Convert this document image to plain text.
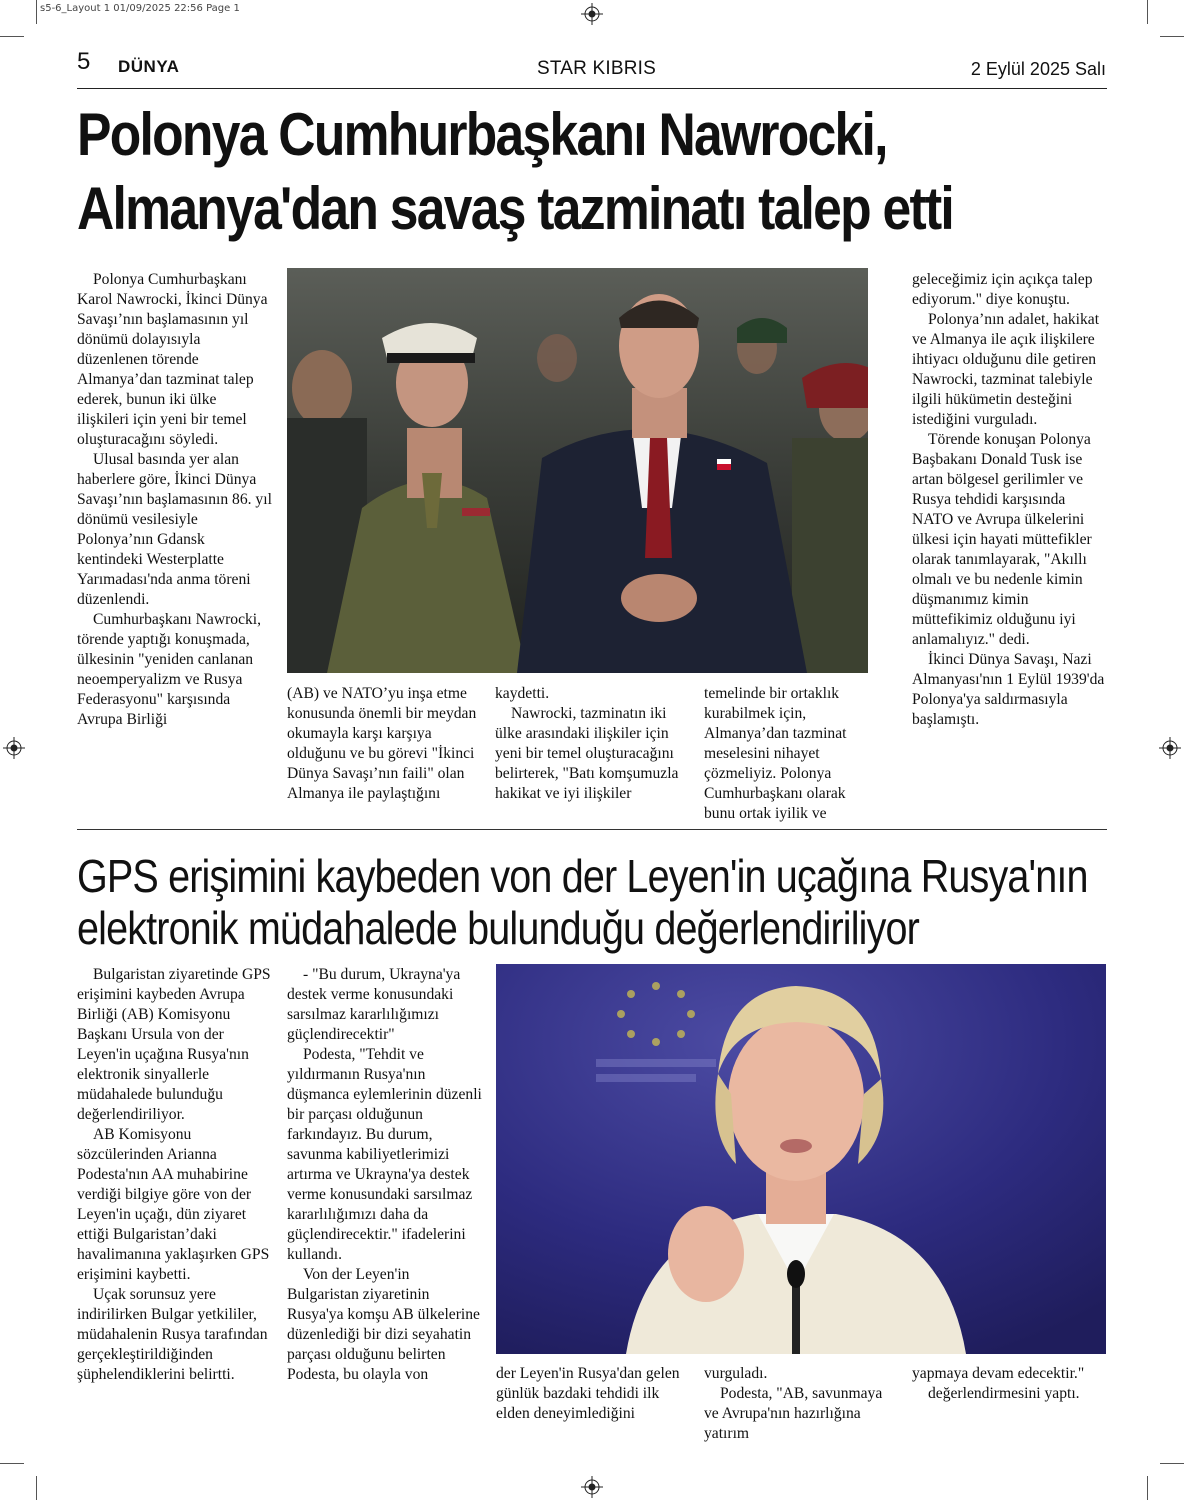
s5-6_Layout 1 01/09/2025 22:56 Page 1
5 DÜNYA	STAR KIBRIS	2 Eylül 2025 Salı
Polonya Cumhurbaşkanı Nawrocki,
Almanya'dan savaş tazminatı talep etti

Polonya Cumhurbaşkanı Karol Nawrocki, İkinci Dünya Savaşı’nın başlamasının yıl dönümü dolayısıyla düzenlenen törende Almanya’dan tazminat talep ederek, bunun iki ülke ilişkileri için yeni bir temel oluşturacağını söyledi.

Ulusal basında yer alan haberlere göre, İkinci Dünya Savaşı’nın başlamasının 86. yıl dönümü vesilesiyle Polonya’nın Gdansk kentindeki Westerplatte Yarımadası'nda anma töreni düzenlendi.

Cumhurbaşkanı Nawrocki, törende yaptığı konuşmada, ülkesinin "yeniden canlanan neoemperyalizm ve Rusya Federasyonu" karşısında Avrupa Birliği

(AB) ve NATO’yu inşa etme konusunda önemli bir meydan okumayla karşı karşıya olduğunu ve bu görevi "İkinci Dünya Savaşı’nın faili" olan Almanya ile paylaştığını

kaydetti.

Nawrocki, tazminatın iki ülke arasındaki ilişkiler için yeni bir temel oluşturacağını belirterek, "Batı komşumuzla hakikat ve iyi ilişkiler

temelinde bir ortaklık kurabilmek için, Almanya’dan tazminat meselesini nihayet çözmeliyiz. Polonya Cumhurbaşkanı olarak bunu ortak iyilik ve

geleceğimiz için açıkça talep ediyorum." diye konuştu.

Polonya’nın adalet, hakikat ve Almanya ile açık ilişkilere ihtiyacı olduğunu dile getiren Nawrocki, tazminat talebiyle ilgili hükümetin desteğini istediğini vurguladı.

Törende konuşan Polonya Başbakanı Donald Tusk ise artan bölgesel gerilimler ve Rusya tehdidi karşısında NATO ve Avrupa ülkelerini ülkesi için hayati müttefikler olarak tanımlayarak, "Akıllı olmalı ve bu nedenle kimin düşmanımız kimin müttefikimiz olduğunu iyi anlamalıyız." dedi.

İkinci Dünya Savaşı, Nazi Almanyası'nın 1 Eylül 1939'da Polonya'ya saldırmasıyla başlamıştı.

GPS erişimini kaybeden von der Leyen'in uçağına Rusya'nın
elektronik müdahalede bulunduğu değerlendiriliyor

Bulgaristan ziyaretinde GPS erişimini kaybeden Avrupa Birliği (AB) Komisyonu Başkanı Ursula von der Leyen'in uçağına Rusya'nın elektronik sinyallerle müdahalede bulunduğu değerlendiriliyor.

AB Komisyonu sözcülerinden Arianna Podesta'nın AA muhabirine verdiği bilgiye göre von der Leyen'in uçağı, dün ziyaret ettiği Bulgaristan’daki havalimanına yaklaşırken GPS erişimini kaybetti.

Uçak sorunsuz yere indirilirken Bulgar yetkililer, müdahalenin Rusya tarafından gerçekleştirildiğinden şüphelendiklerini belirtti.

- "Bu durum, Ukrayna'ya destek verme konusundaki sarsılmaz kararlılığımızı güçlendirecektir"

Podesta, "Tehdit ve yıldırmanın Rusya'nın düşmanca eylemlerinin düzenli bir parçası olduğunun farkındayız. Bu durum, savunma kabiliyetlerimizi artırma ve Ukrayna'ya destek verme konusundaki sarsılmaz kararlılığımızı daha da güçlendirecektir." ifadelerini kullandı.

Von der Leyen'in Bulgaristan ziyaretinin Rusya'ya komşu AB ülkelerine düzenlediği bir dizi seyahatin parçası olduğunu belirten Podesta, bu olayla von	der Leyen'in Rusya'dan gelen günlük bazdaki tehdidi ilk elden deneyimlediğini

vurguladı.

Podesta, "AB, savunmaya ve Avrupa'nın hazırlığına yatırım

yapmaya devam edecektir."

değerlendirmesini yaptı.
